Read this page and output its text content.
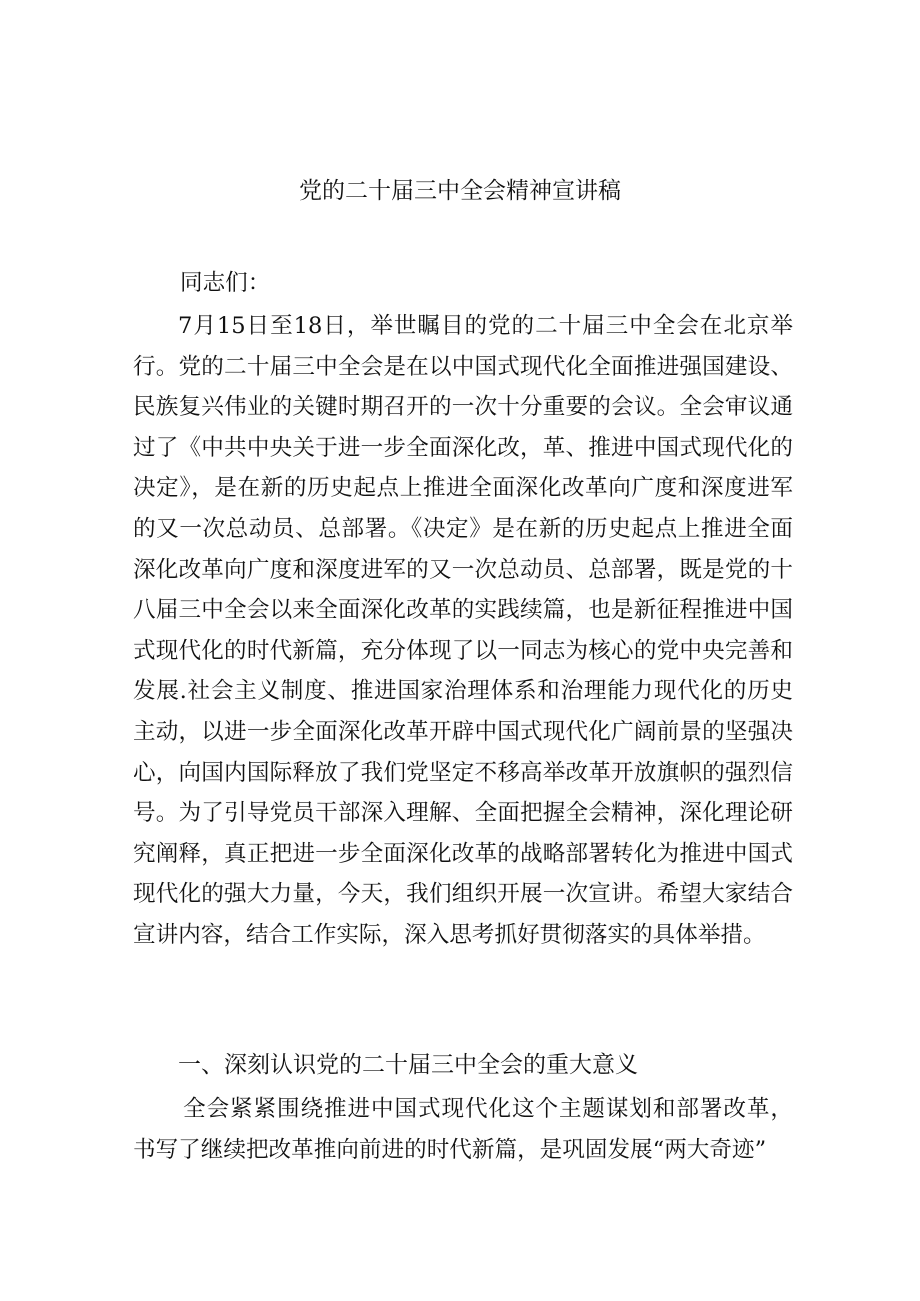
党的二十届三中全会精神宣讲稿
同志们：
7月15日至18日，举世瞩目的党的二十届三中全会在北京举行。党的二十届三中全会是在以中国式现代化全面推进强国建设、民族复兴伟业的关键时期召开的一次十分重要的会议。全会审议通过了《中共中央关于进一步全面深化改，革、推进中国式现代化的决定》，是在新的历史起点上推进全面深化改革向广度和深度进军的又一次总动员、总部署。《决定》是在新的历史起点上推进全面深化改革向广度和深度进军的又一次总动员、总部署，既是党的十八届三中全会以来全面深化改革的实践续篇，也是新征程推进中国式现代化的时代新篇，充分体现了以一同志为核心的党中央完善和发展.社会主义制度、推进国家治理体系和治理能力现代化的历史主动，以进一步全面深化改革开辟中国式现代化广阔前景的坚强决心，向国内国际释放了我们党坚定不移高举改革开放旗帜的强烈信号。为了引导党员干部深入理解、全面把握全会精神，深化理论研究阐释，真正把进一步全面深化改革的战略部署转化为推进中国式现代化的强大力量，今天，我们组织开展一次宣讲。希望大家结合宣讲内容，结合工作实际，深入思考抓好贯彻落实的具体举措。
一、深刻认识党的二十届三中全会的重大意义
全会紧紧围绕推进中国式现代化这个主题谋划和部署改革，书写了继续把改革推向前进的时代新篇，是巩固发展“两大奇迹”
